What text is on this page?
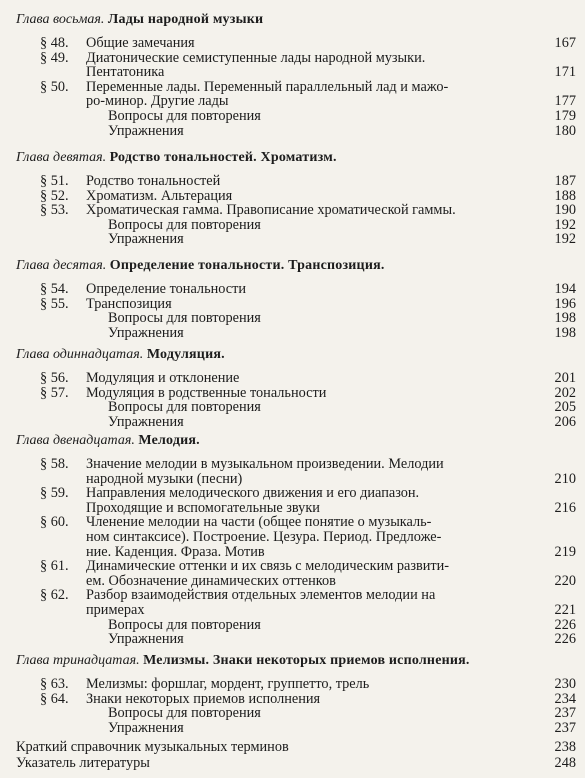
Глава восьмая. Лады народной музыки
§ 48. Общие замечания	167
§ 49. Диатонические семиступенные лады народной музыки.
Пентатоника	171
§ 50. Переменные лады. Переменный параллельный лад и мажо-
ро-минор. Другие лады	177
Вопросы для повторения	179
Упражнения	180
Глава девятая. Родство тональностей. Хроматизм.
§ 51. Родство тональностей	187
§ 52. Хроматизм. Альтерация	188
§ 53. Хроматическая гамма. Правописание хроматической гаммы.	190
Вопросы для повторения	192
Упражнения	192
Глава десятая. Определение тональности. Транспозиция.
§ 54. Определение тональности	194
§ 55. Транспозиция	196
Вопросы для повторения	198
Упражнения	198
Глава одиннадцатая. Модуляция.
§ 56. Модуляция и отклонение	201
§ 57. Модуляция в родственные тональности	202
Вопросы для повторения	205
Упражнения	206
Глава двенадцатая. Мелодия.
§ 58. Значение мелодии в музыкальном произведении. Мелодии
народной музыки (песни)	210
§ 59. Направления мелодического движения и его диапазон.
Проходящие и вспомогательные звуки	216
§ 60. Членение мелодии на части (общее понятие о музыкаль-
ном синтаксисе). Построение. Цезура. Период. Предложе-
ние. Каденция. Фраза. Мотив	219
§ 61. Динамические оттенки и их связь с мелодическим развити-
ем. Обозначение динамических оттенков	220
§ 62. Разбор взаимодействия отдельных элементов мелодии на
примерах	221
Вопросы для повторения	226
Упражнения	226
Глава тринадцатая. Мелизмы. Знаки некоторых приемов исполнения.
§ 63. Мелизмы: форшлаг, мордент, группетто, трель	230
§ 64. Знаки некоторых приемов исполнения	234
Вопросы для повторения	237
Упражнения	237
Краткий справочник музыкальных терминов	238
Указатель литературы	248
